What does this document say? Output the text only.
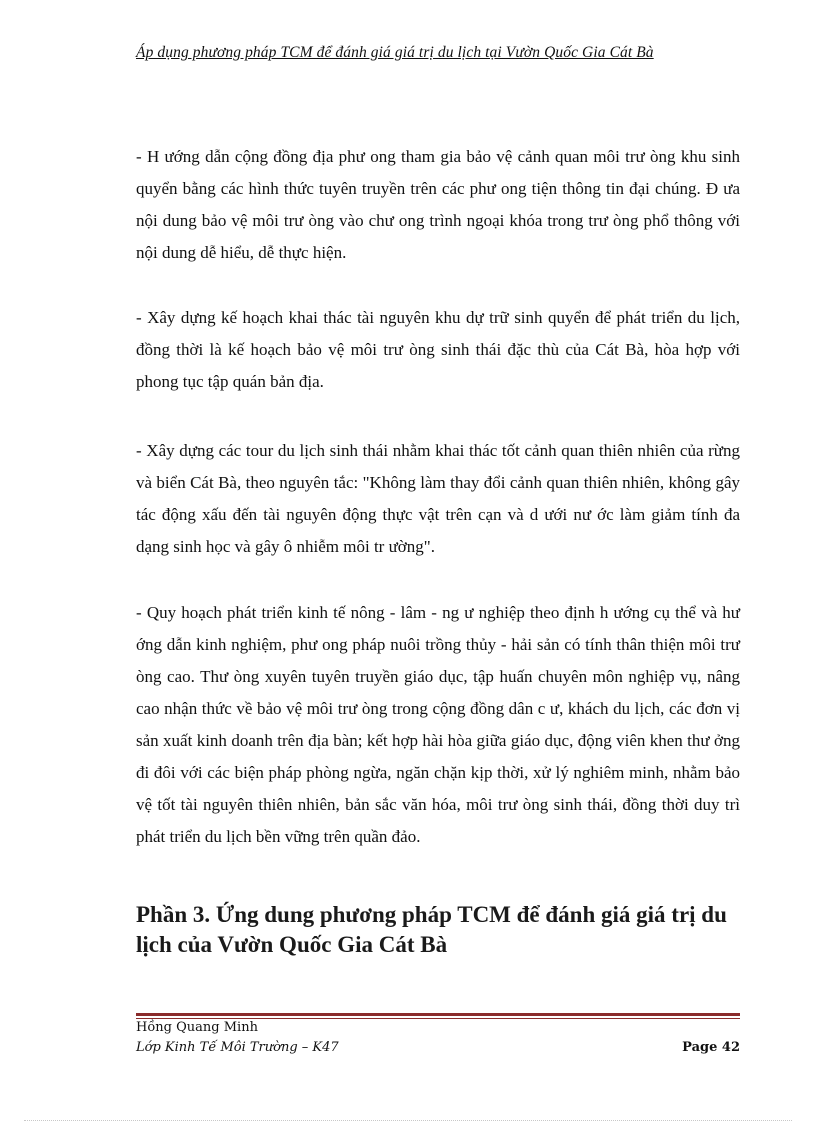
Áp dụng phương pháp TCM để đánh giá giá trị du lịch tại Vườn Quốc Gia Cát Bà

- H ướng dẫn cộng đồng địa phư ong tham gia bảo vệ cảnh quan môi trư òng khu sinh quyển bằng các hình thức tuyên truyền trên các phư ong tiện thông tin đại chúng. Đ ưa nội dung bảo vệ môi trư òng vào chư ong trình ngoại khóa trong trư òng phổ thông với nội dung dễ hiểu, dễ thực hiện.

- Xây dựng kế hoạch khai thác tài nguyên khu dự trữ sinh quyển để phát triển du lịch, đồng thời là kế hoạch bảo vệ môi trư òng sinh thái đặc thù của Cát Bà, hòa hợp với phong tục tập quán bản địa.

- Xây dựng các tour du lịch sinh thái nhằm khai thác tốt cảnh quan thiên nhiên của rừng và biển Cát Bà, theo nguyên tắc: "Không làm thay đổi cảnh quan thiên nhiên, không gây tác động xấu đến tài nguyên động thực vật trên cạn và d ưới nư ớc làm giảm tính đa dạng sinh học và gây ô nhiễm môi tr ường".

- Quy hoạch phát triển kinh tế nông - lâm - ng ư nghiệp theo định h ướng cụ thể và hư ớng dẫn kinh nghiệm, phư ong pháp nuôi trồng thủy - hải sản có tính thân thiện môi trư òng cao. Thư òng xuyên tuyên truyền giáo dục, tập huấn chuyên môn nghiệp vụ, nâng cao nhận thức về bảo vệ môi trư òng trong cộng đồng dân c ư, khách du lịch, các đơn vị sản xuất kinh doanh trên địa bàn; kết hợp hài hòa giữa giáo dục, động viên khen thư ởng đi đôi với các biện pháp phòng ngừa, ngăn chặn kịp thời, xử lý nghiêm minh, nhằm bảo vệ tốt tài nguyên thiên nhiên, bản sắc văn hóa, môi trư òng sinh thái, đồng thời duy trì phát triển du lịch bền vững trên quần đảo.

Phần 3. Ứng dung phương pháp TCM để đánh giá giá trị du lịch của Vườn Quốc Gia Cát Bà
Hồng Quang Minh
Lớp Kinh Tế Môi Trường – K47	Page 42
